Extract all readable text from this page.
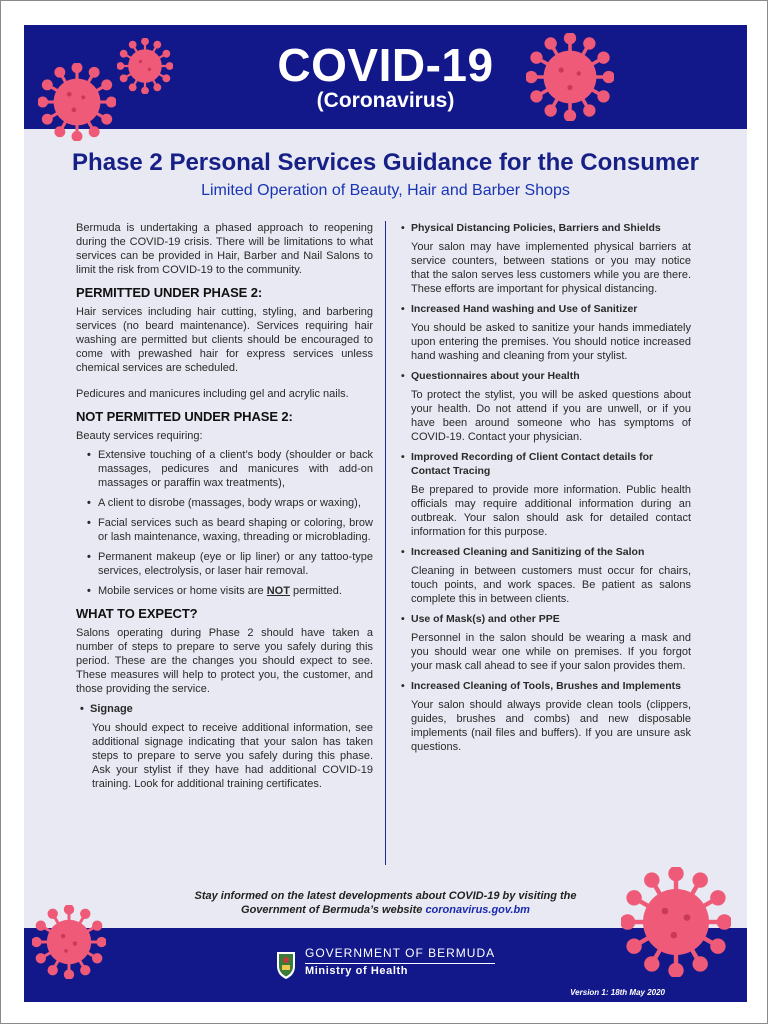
COVID-19
(Coronavirus)
Phase 2 Personal Services Guidance for the Consumer
Limited Operation of Beauty, Hair and Barber Shops

Bermuda is undertaking a phased approach to reopening during the COVID-19 crisis. There will be limitations to what services can be provided in Hair, Barber and Nail Salons to limit the risk from COVID-19 to the community.

PERMITTED UNDER PHASE 2:

Hair services including hair cutting, styling, and barbering services (no beard maintenance). Services requiring hair washing are permitted but clients should be encouraged to come with prewashed hair for express services unless chemical services are scheduled.

Pedicures and manicures including gel and acrylic nails.

NOT PERMITTED UNDER PHASE 2:

Beauty services requiring:

• Extensive touching of a client’s body (shoulder or back massages, pedicures and manicures with add-on massages or paraffin wax treatments),
• A client to disrobe (massages, body wraps or waxing),
• Facial services such as beard shaping or coloring, brow or lash maintenance, waxing, threading or microblading.
• Permanent makeup (eye or lip liner) or any tattoo-type services, electrolysis, or laser hair removal.
• Mobile services or home visits are NOT permitted.
WHAT TO EXPECT?

Salons operating during Phase 2 should have taken a number of steps to prepare to serve you safely during this period. These are the changes you should expect to see. These measures will help to protect you, the customer, and those providing the service.

• Signage

You should expect to receive additional information, see additional signage indicating that your salon has taken steps to prepare to serve you safely during this phase. Ask your stylist if they have had additional COVID-19 training. Look for additional training certificates.

• Physical Distancing Policies, Barriers and Shields
Your salon may have implemented physical barriers at service counters, between stations or you may notice that the salon serves less customers while you are there. These efforts are important for physical distancing.
• Increased Hand washing and Use of Sanitizer
You should be asked to sanitize your hands immediately upon entering the premises. You should notice increased hand washing and cleaning from your stylist.
• Questionnaires about your Health
To protect the stylist, you will be asked questions about your health. Do not attend if you are unwell, or if you have been around someone who has symptoms of COVID-19. Contact your physician.
• Improved Recording of Client Contact details for Contact Tracing
Be prepared to provide more information. Public health officials may require additional information during an outbreak. Your salon should ask for detailed contact information for this purpose.
• Increased Cleaning and Sanitizing of the Salon
Cleaning in between customers must occur for chairs, touch points, and work spaces. Be patient as salons complete this in between clients.
• Use of Mask(s) and other PPE
Personnel in the salon should be wearing a mask and you should wear one while on premises. If you forgot your mask call ahead to see if your salon provides them.
• Increased Cleaning of Tools, Brushes and Implements
Your salon should always provide clean tools (clippers, guides, brushes and combs) and new disposable implements (nail files and buffers). If you are unsure ask questions.
Stay informed on the latest developments about COVID-19 by visiting the
Government of Bermuda’s website coronavirus.gov.bm
GOVERNMENT OF BERMUDA
Ministry of Health
Version 1: 18th May 2020
